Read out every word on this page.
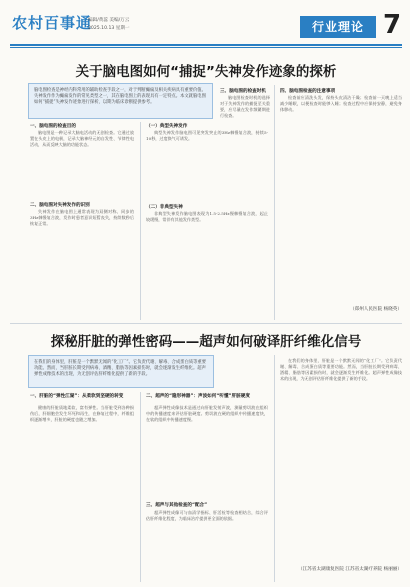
农村百事通
编辑/黄蕊 美编/万云
2025.10.13 星期一	行业理论 7
关于脑电图如何“捕捉”失神发作迹象的探析
脑电图检查是神经内科常用的辅助检查手段之一，对于判断癫痫及相关疾病具有重要价值。失神发作作为癫痫发作的常见类型之一，其在脑电图上的表现具有一定特点。本文就脑电图如何“捕捉”失神发作迹象进行探析，以期为临床诊断提供参考。
一、脑电图的检查目的
脑电图是一种记录大脑电活动的无创检查。它通过放置在头皮上的电极，记录大脑神经元的自发性、节律性电活动，从而反映大脑的功能状态。
二、脑电图对失神发作的识别
失神发作在脑电图上通常表现为双侧对称、同步的3Hz棘慢复合波，发作时患者意识短暂丧失，持续数秒后恢复正常。
（一）典型失神发作
典型失神发作脑电图可见突发突止的3Hz棘慢复合波，持续5-10秒，过度换气可诱发。
（二）非典型失神
非典型失神发作脑电图表现为1.5-2.5Hz慢棘慢复合波，起止较缓慢，常伴有其他发作类型。
三、脑电图的检查时机
脑电图检查时机的选择对于失神发作的捕捉至关重要，应尽量在发作频繁期进行检查。
四、脑电图检查的注意事项
检查前应清洗头发，保持头皮清洁干燥；检查前一天晚上适当减少睡眠，以便检查时能够入睡；检查过程中应保持安静，避免身体移动。
（郑州人民医院 杨晓英）
探秘肝脏的弹性密码——超声如何破译肝纤维化信号
在我们的身体里，肝脏是一个默默无闻的“化工厂”。它负责代谢、解毒、合成蛋白质等重要功能。然而，当肝脏长期受到病毒、酒精、脂肪等因素损伤时，就会逐渐发生纤维化。超声弹性成像技术的出现，为无创评估肝纤维化提供了新的手段。
一、肝脏的“弹性江湖”：从柔软到坚硬的转变
健康的肝脏质地柔软，富有弹性。当肝脏受到各种损伤后，肝细胞会发生坏死和再生，在修复过程中，纤维组织逐渐增多，肝脏的硬度也随之增加。
二、超声的“隐形神器”：声波如何“听懂”肝脏硬度
超声弹性成像技术是通过向肝脏发射声波，测量剪切波在组织中的传播速度来评估肝脏硬度。剪切波在硬的组织中传播速度快，在软的组织中传播速度慢。
三、超声与其他检查的“配合”
超声弹性成像可与血清学指标、肝活检等检查相结合，综合评估肝纤维化程度，为临床治疗提供更全面的依据。
在我们的身体里，肝脏是一个默默无闻的“化工厂”。它负责代谢、解毒、合成蛋白质等重要功能。然而，当肝脏长期受到病毒、酒精、脂肪等因素损伤时，就会逐渐发生纤维化。超声弹性成像技术的出现，为无创评估肝纤维化提供了新的手段。
（江苏省太湖康复医院 江苏省太湖疗养院 杨丽丽）
